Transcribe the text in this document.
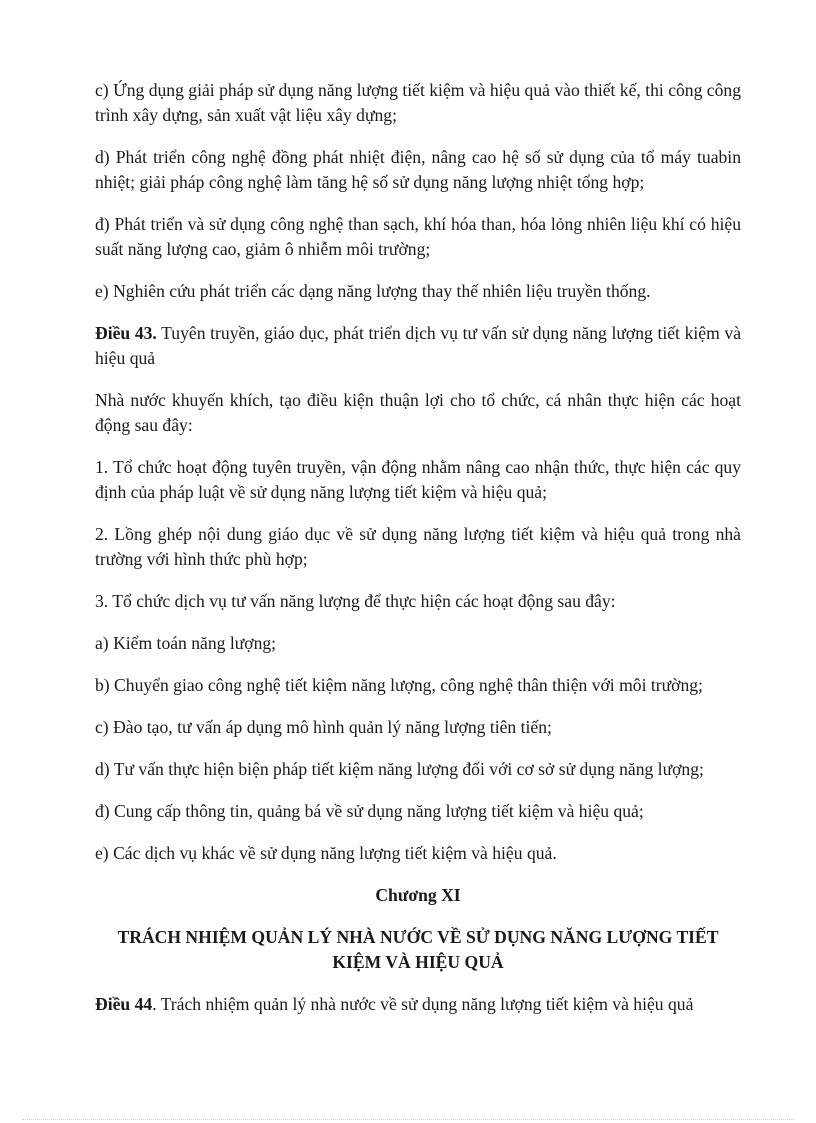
c) Ứng dụng giải pháp sử dụng năng lượng tiết kiệm và hiệu quả vào thiết kế, thi công công trình xây dựng, sản xuất vật liệu xây dựng;

d) Phát triển công nghệ đồng phát nhiệt điện, nâng cao hệ số sử dụng của tổ máy tuabin nhiệt; giải pháp công nghệ làm tăng hệ số sử dụng năng lượng nhiệt tổng hợp;

đ) Phát triển và sử dụng công nghệ than sạch, khí hóa than, hóa lỏng nhiên liệu khí có hiệu suất năng lượng cao, giảm ô nhiễm môi trường;

e) Nghiên cứu phát triển các dạng năng lượng thay thế nhiên liệu truyền thống.

Điều 43. Tuyên truyền, giáo dục, phát triển dịch vụ tư vấn sử dụng năng lượng tiết kiệm và hiệu quả

Nhà nước khuyến khích, tạo điều kiện thuận lợi cho tổ chức, cá nhân thực hiện các hoạt động sau đây:

1. Tổ chức hoạt động tuyên truyền, vận động nhằm nâng cao nhận thức, thực hiện các quy định của pháp luật về sử dụng năng lượng tiết kiệm và hiệu quả;

2. Lồng ghép nội dung giáo dục về sử dụng năng lượng tiết kiệm và hiệu quả trong nhà trường với hình thức phù hợp;

3. Tổ chức dịch vụ tư vấn năng lượng để thực hiện các hoạt động sau đây:

a) Kiểm toán năng lượng;

b) Chuyển giao công nghệ tiết kiệm năng lượng, công nghệ thân thiện với môi trường;

c) Đào tạo, tư vấn áp dụng mô hình quản lý năng lượng tiên tiến;

d) Tư vấn thực hiện biện pháp tiết kiệm năng lượng đối với cơ sở sử dụng năng lượng;

đ) Cung cấp thông tin, quảng bá về sử dụng năng lượng tiết kiệm và hiệu quả;

e) Các dịch vụ khác về sử dụng năng lượng tiết kiệm và hiệu quả.

Chương XI

TRÁCH NHIỆM QUẢN LÝ NHÀ NƯỚC VỀ SỬ DỤNG NĂNG LƯỢNG TIẾT KIỆM VÀ HIỆU QUẢ

Điều 44. Trách nhiệm quản lý nhà nước về sử dụng năng lượng tiết kiệm và hiệu quả
